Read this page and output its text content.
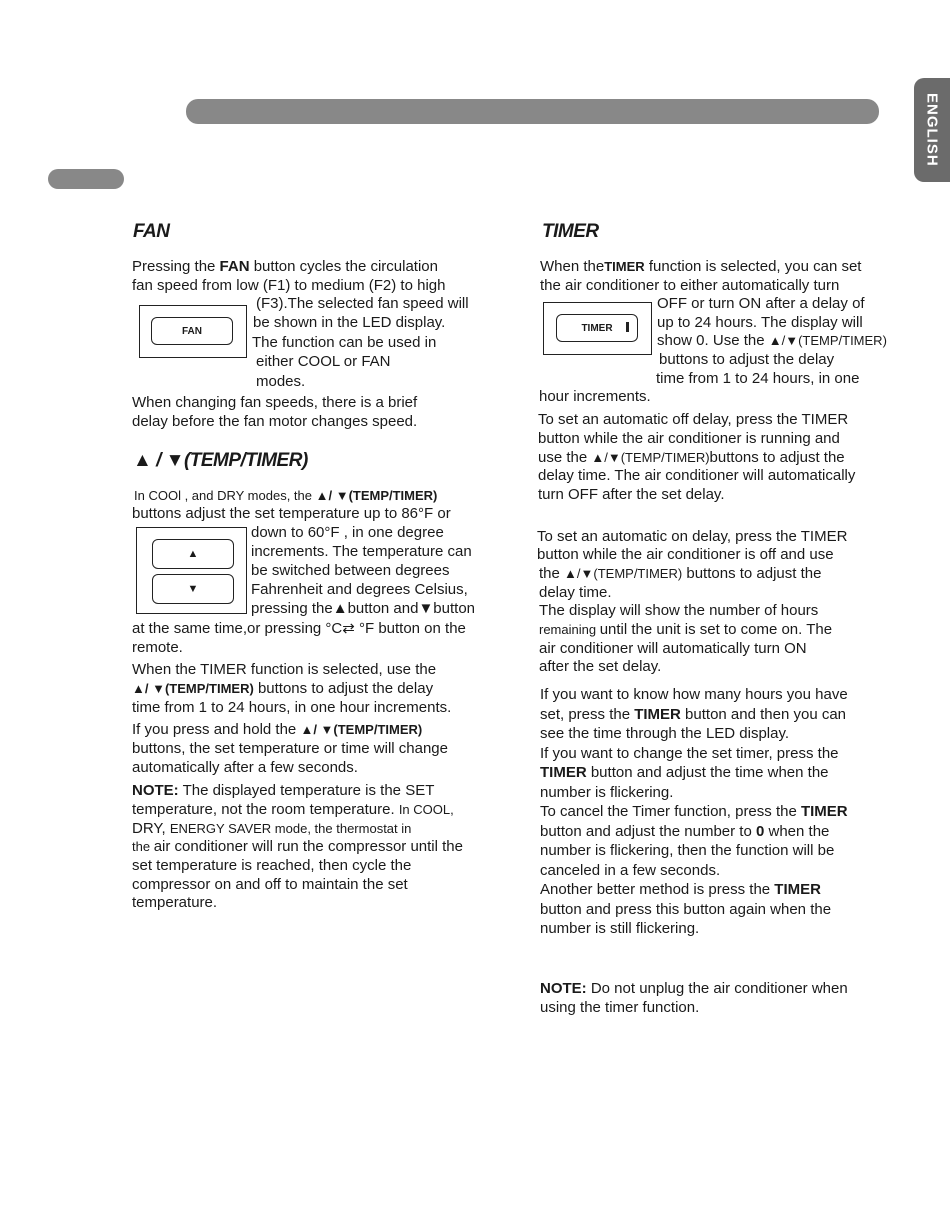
ENGLISH
FAN
Pressing the FAN button cycles the circulation
fan speed from low (F1) to medium (F2) to high
(F3).The selected fan speed will
be shown in the LED display.
The function can be used in
either COOL or FAN
modes.
FAN
When changing fan speeds, there is a brief
delay before the fan motor changes speed.
▲ / ▼(TEMP/TIMER)
In COOl , and DRY modes, the ▲/ ▼(TEMP/TIMER)
buttons adjust the set temperature up to 86°F or
down to 60°F , in one degree
increments. The temperature can
be switched between degrees
Fahrenheit and degrees Celsius,
pressing the▲button and▼button
▲
▼
at the same time,or pressing °C⇄ °F button on the
remote.
When the TIMER function is selected, use the
▲/ ▼(TEMP/TIMER) buttons to adjust the delay
time from 1 to 24 hours, in one hour increments.
If you press and hold the ▲/ ▼(TEMP/TIMER)
buttons, the set temperature or time will change
automatically after a few seconds.
NOTE: The displayed temperature is the SET
temperature, not the room temperature. In COOL,
DRY, ENERGY SAVER mode, the thermostat in
the air conditioner will run the compressor until the
set temperature is reached, then cycle the
compressor on and off to maintain the set
temperature.
TIMER
When theTIMER function is selected, you can set
the air conditioner to either automatically turn
OFF or turn ON after a delay of
up to 24 hours. The display will
show 0. Use the ▲/▼(TEMP/TIMER)
buttons to adjust the delay
time from 1 to 24 hours, in one
hour increments.
TIMER
To set an automatic off delay, press the TIMER
button while the air conditioner is running and
use the ▲/▼(TEMP/TIMER)buttons to adjust the
delay time. The air conditioner will automatically
turn OFF after the set delay.
To set an automatic on delay, press the TIMER
button while the air conditioner is off and use
the ▲/▼(TEMP/TIMER) buttons to adjust the
delay time.
The display will show the number of hours
remaining until the unit is set to come on. The
air conditioner will automatically turn ON
after the set delay.
If you want to know how many hours you have
set, press the TIMER button and then you can
see the time through the LED display.
If you want to change the set timer, press the
TIMER button and adjust the time when the
number is flickering.
To cancel the Timer function, press the TIMER
button and adjust the number to 0 when the
number is flickering, then the function will be
canceled in a few seconds.
Another better method is press the TIMER
button and press this button again when the
number is still flickering.
NOTE: Do not unplug the air conditioner when
using the timer function.
